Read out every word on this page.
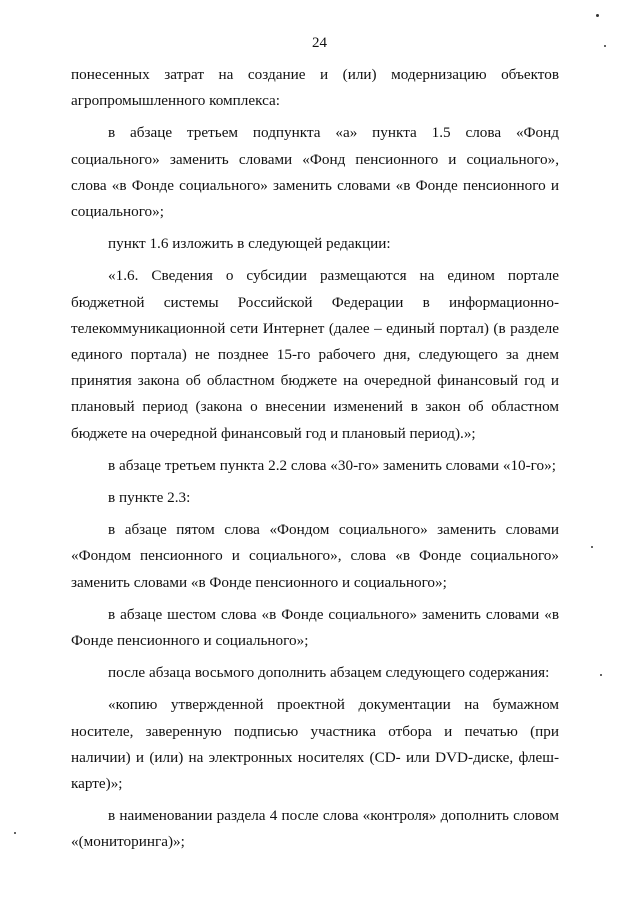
24

понесенных затрат на создание и (или) модернизацию объектов агропромышленного комплекса:

в абзаце третьем подпункта «а» пункта 1.5 слова «Фонд социального» заменить словами «Фонд пенсионного и социального», слова «в Фонде социального» заменить словами «в Фонде пенсионного и социального»;

пункт 1.6 изложить в следующей редакции:

«1.6. Сведения о субсидии размещаются на едином портале бюджетной системы Российской Федерации в информационно-телекоммуникационной сети Интернет (далее – единый портал) (в разделе единого портала) не позднее 15-го рабочего дня, следующего за днем принятия закона об областном бюджете на очередной финансовый год и плановый период (закона о внесении изменений в закон об областном бюджете на очередной финансовый год и плановый период).»;

в абзаце третьем пункта 2.2 слова «30-го» заменить словами «10-го»;

в пункте 2.3:

в абзаце пятом слова «Фондом социального» заменить словами «Фондом пенсионного и социального», слова «в Фонде социального» заменить словами «в Фонде пенсионного и социального»;

в абзаце шестом слова «в Фонде социального» заменить словами «в Фонде пенсионного и социального»;

после абзаца восьмого дополнить абзацем следующего содержания:

«копию утвержденной проектной документации на бумажном носителе, заверенную подписью участника отбора и печатью (при наличии) и (или) на электронных носителях (CD- или DVD-диске, флеш-карте)»;

в наименовании раздела 4 после слова «контроля» дополнить словом «(мониторинга)»;
